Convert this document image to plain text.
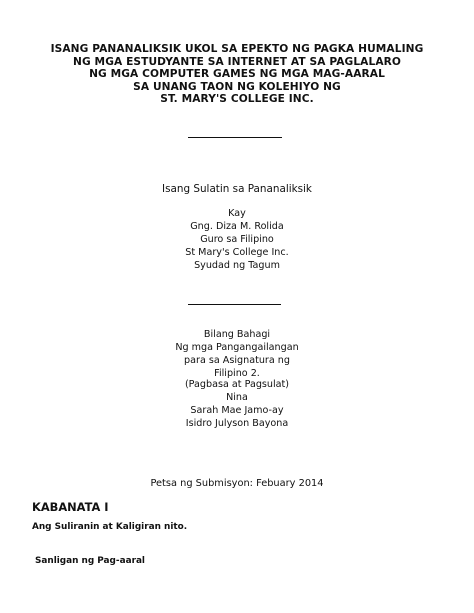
ISANG PANANALIKSIK UKOL SA EPEKTO NG PAGKA HUMALING
NG MGA ESTUDYANTE SA INTERNET AT SA PAGLALARO
NG MGA COMPUTER GAMES NG MGA MAG-AARAL
SA UNANG TAON NG KOLEHIYO NG
ST. MARY'S COLLEGE INC.
Isang Sulatin sa Pananaliksik
Kay
Gng. Diza M. Rolida
Guro sa Filipino
St Mary's College Inc.
Syudad ng Tagum
Bilang Bahagi
Ng mga Pangangailangan
para sa Asignatura ng
Filipino 2.
(Pagbasa at Pagsulat)
Nina
Sarah Mae Jamo-ay
Isidro Julyson Bayona
Petsa ng Submisyon: Febuary 2014
KABANATA I
Ang Suliranin at Kaligiran nito.
Sanligan ng Pag-aaral
